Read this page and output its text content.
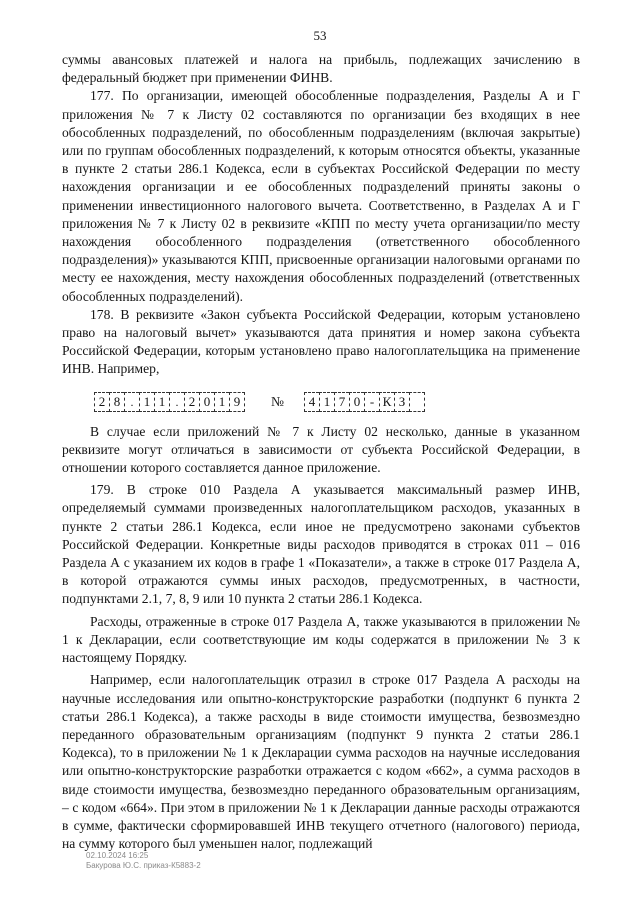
53

суммы авансовых платежей и налога на прибыль, подлежащих зачислению в федеральный бюджет при применении ФИНВ.

177. По организации, имеющей обособленные подразделения, Разделы А и Г приложения № 7 к Листу 02 составляются по организации без входящих в нее обособленных подразделений, по обособленным подразделениям (включая закрытые) или по группам обособленных подразделений, к которым относятся объекты, указанные в пункте 2 статьи 286.1 Кодекса, если в субъектах Российской Федерации по месту нахождения организации и ее обособленных подразделений приняты законы о применении инвестиционного налогового вычета. Соответственно, в Разделах А и Г приложения № 7 к Листу 02 в реквизите «КПП по месту учета организации/по месту нахождения обособленного подразделения (ответственного обособленного подразделения)» указываются КПП, присвоенные организации налоговыми органами по месту ее нахождения, месту нахождения обособленных подразделений (ответственных обособленных подразделений).

178. В реквизите «Закон субъекта Российской Федерации, которым установлено право на налоговый вычет» указываются дата принятия и номер закона субъекта Российской Федерации, которым установлено право налогоплательщика на применение ИНВ. Например,

2 8 . 1 1 . 2 0 1 9	№	4 1 7 0 - К З

В случае если приложений № 7 к Листу 02 несколько, данные в указанном реквизите могут отличаться в зависимости от субъекта Российской Федерации, в отношении которого составляется данное приложение.

179. В строке 010 Раздела А указывается максимальный размер ИНВ, определяемый суммами произведенных налогоплательщиком расходов, указанных в пункте 2 статьи 286.1 Кодекса, если иное не предусмотрено законами субъектов Российской Федерации. Конкретные виды расходов приводятся в строках 011 – 016 Раздела А с указанием их кодов в графе 1 «Показатели», а также в строке 017 Раздела А, в которой отражаются суммы иных расходов, предусмотренных, в частности, подпунктами 2.1, 7, 8, 9 или 10 пункта 2 статьи 286.1 Кодекса.

Расходы, отраженные в строке 017 Раздела А, также указываются в приложении № 1 к Декларации, если соответствующие им коды содержатся в приложении № 3 к настоящему Порядку.

Например, если налогоплательщик отразил в строке 017 Раздела А расходы на научные исследования или опытно-конструкторские разработки (подпункт 6 пункта 2 статьи 286.1 Кодекса), а также расходы в виде стоимости имущества, безвозмездно переданного образовательным организациям (подпункт 9 пункта 2 статьи 286.1 Кодекса), то в приложении № 1 к Декларации сумма расходов на научные исследования или опытно-конструкторские разработки отражается с кодом «662», а сумма расходов в виде стоимости имущества, безвозмездно переданного образовательным организациям, – с кодом «664». При этом в приложении № 1 к Декларации данные расходы отражаются в сумме, фактически сформировавшей ИНВ текущего отчетного (налогового) периода, на сумму которого был уменьшен налог, подлежащий

02.10.2024 16:25
Бакурова Ю.С. приказ-К5883-2
